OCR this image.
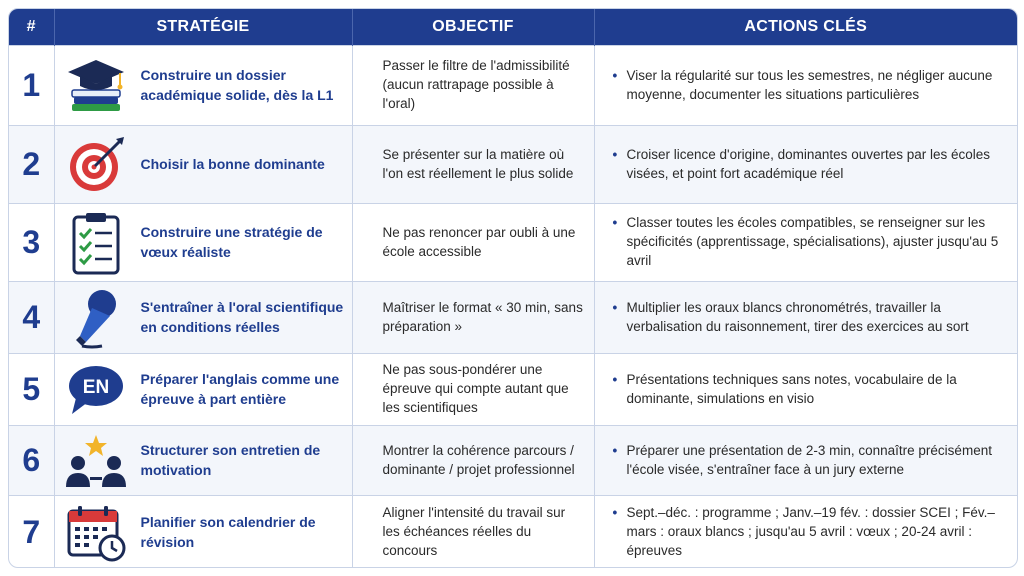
#	STRATÉGIE	OBJECTIF	ACTIONS CLÉS
1	Construire un dossier académique solide, dès la L1	Passer le filtre de l'admissibilité (aucun rattrapage possible à l'oral)	• Viser la régularité sur tous les semestres, ne négliger aucune moyenne, documenter les situations particulières

2	Choisir la bonne dominante	Se présenter sur la matière où l'on est réellement le plus solide	• Croiser licence d'origine, dominantes ouvertes par les écoles visées, et point fort académique réel

3	Construire une stratégie de vœux réaliste	Ne pas renoncer par oubli à une école accessible	• Classer toutes les écoles compatibles, se renseigner sur les spécificités (apprentissage, spécialisations), ajuster jusqu'au 5 avril

4	S'entraîner à l'oral scientifique en conditions réelles	Maîtriser le format « 30 min, sans préparation »	• Multiplier les oraux blancs chronométrés, travailler la verbalisation du raisonnement, tirer des exercices au sort

5	EN Préparer l'anglais comme une épreuve à part entière	Ne pas sous-pondérer une épreuve qui compte autant que les scientifiques	• Présentations techniques sans notes, vocabulaire de la dominante, simulations en visio

6	Structurer son entretien de motivation	Montrer la cohérence parcours / dominante / projet professionnel	• Préparer une présentation de 2-3 min, connaître précisément l'école visée, s'entraîner face à un jury externe

7	Planifier son calendrier de révision	Aligner l'intensité du travail sur les échéances réelles du concours	• Sept.–déc. : programme ; Janv.–19 fév. : dossier SCEI ; Fév.–mars : oraux blancs ; jusqu'au 5 avril : vœux ; 20-24 avril : épreuves
